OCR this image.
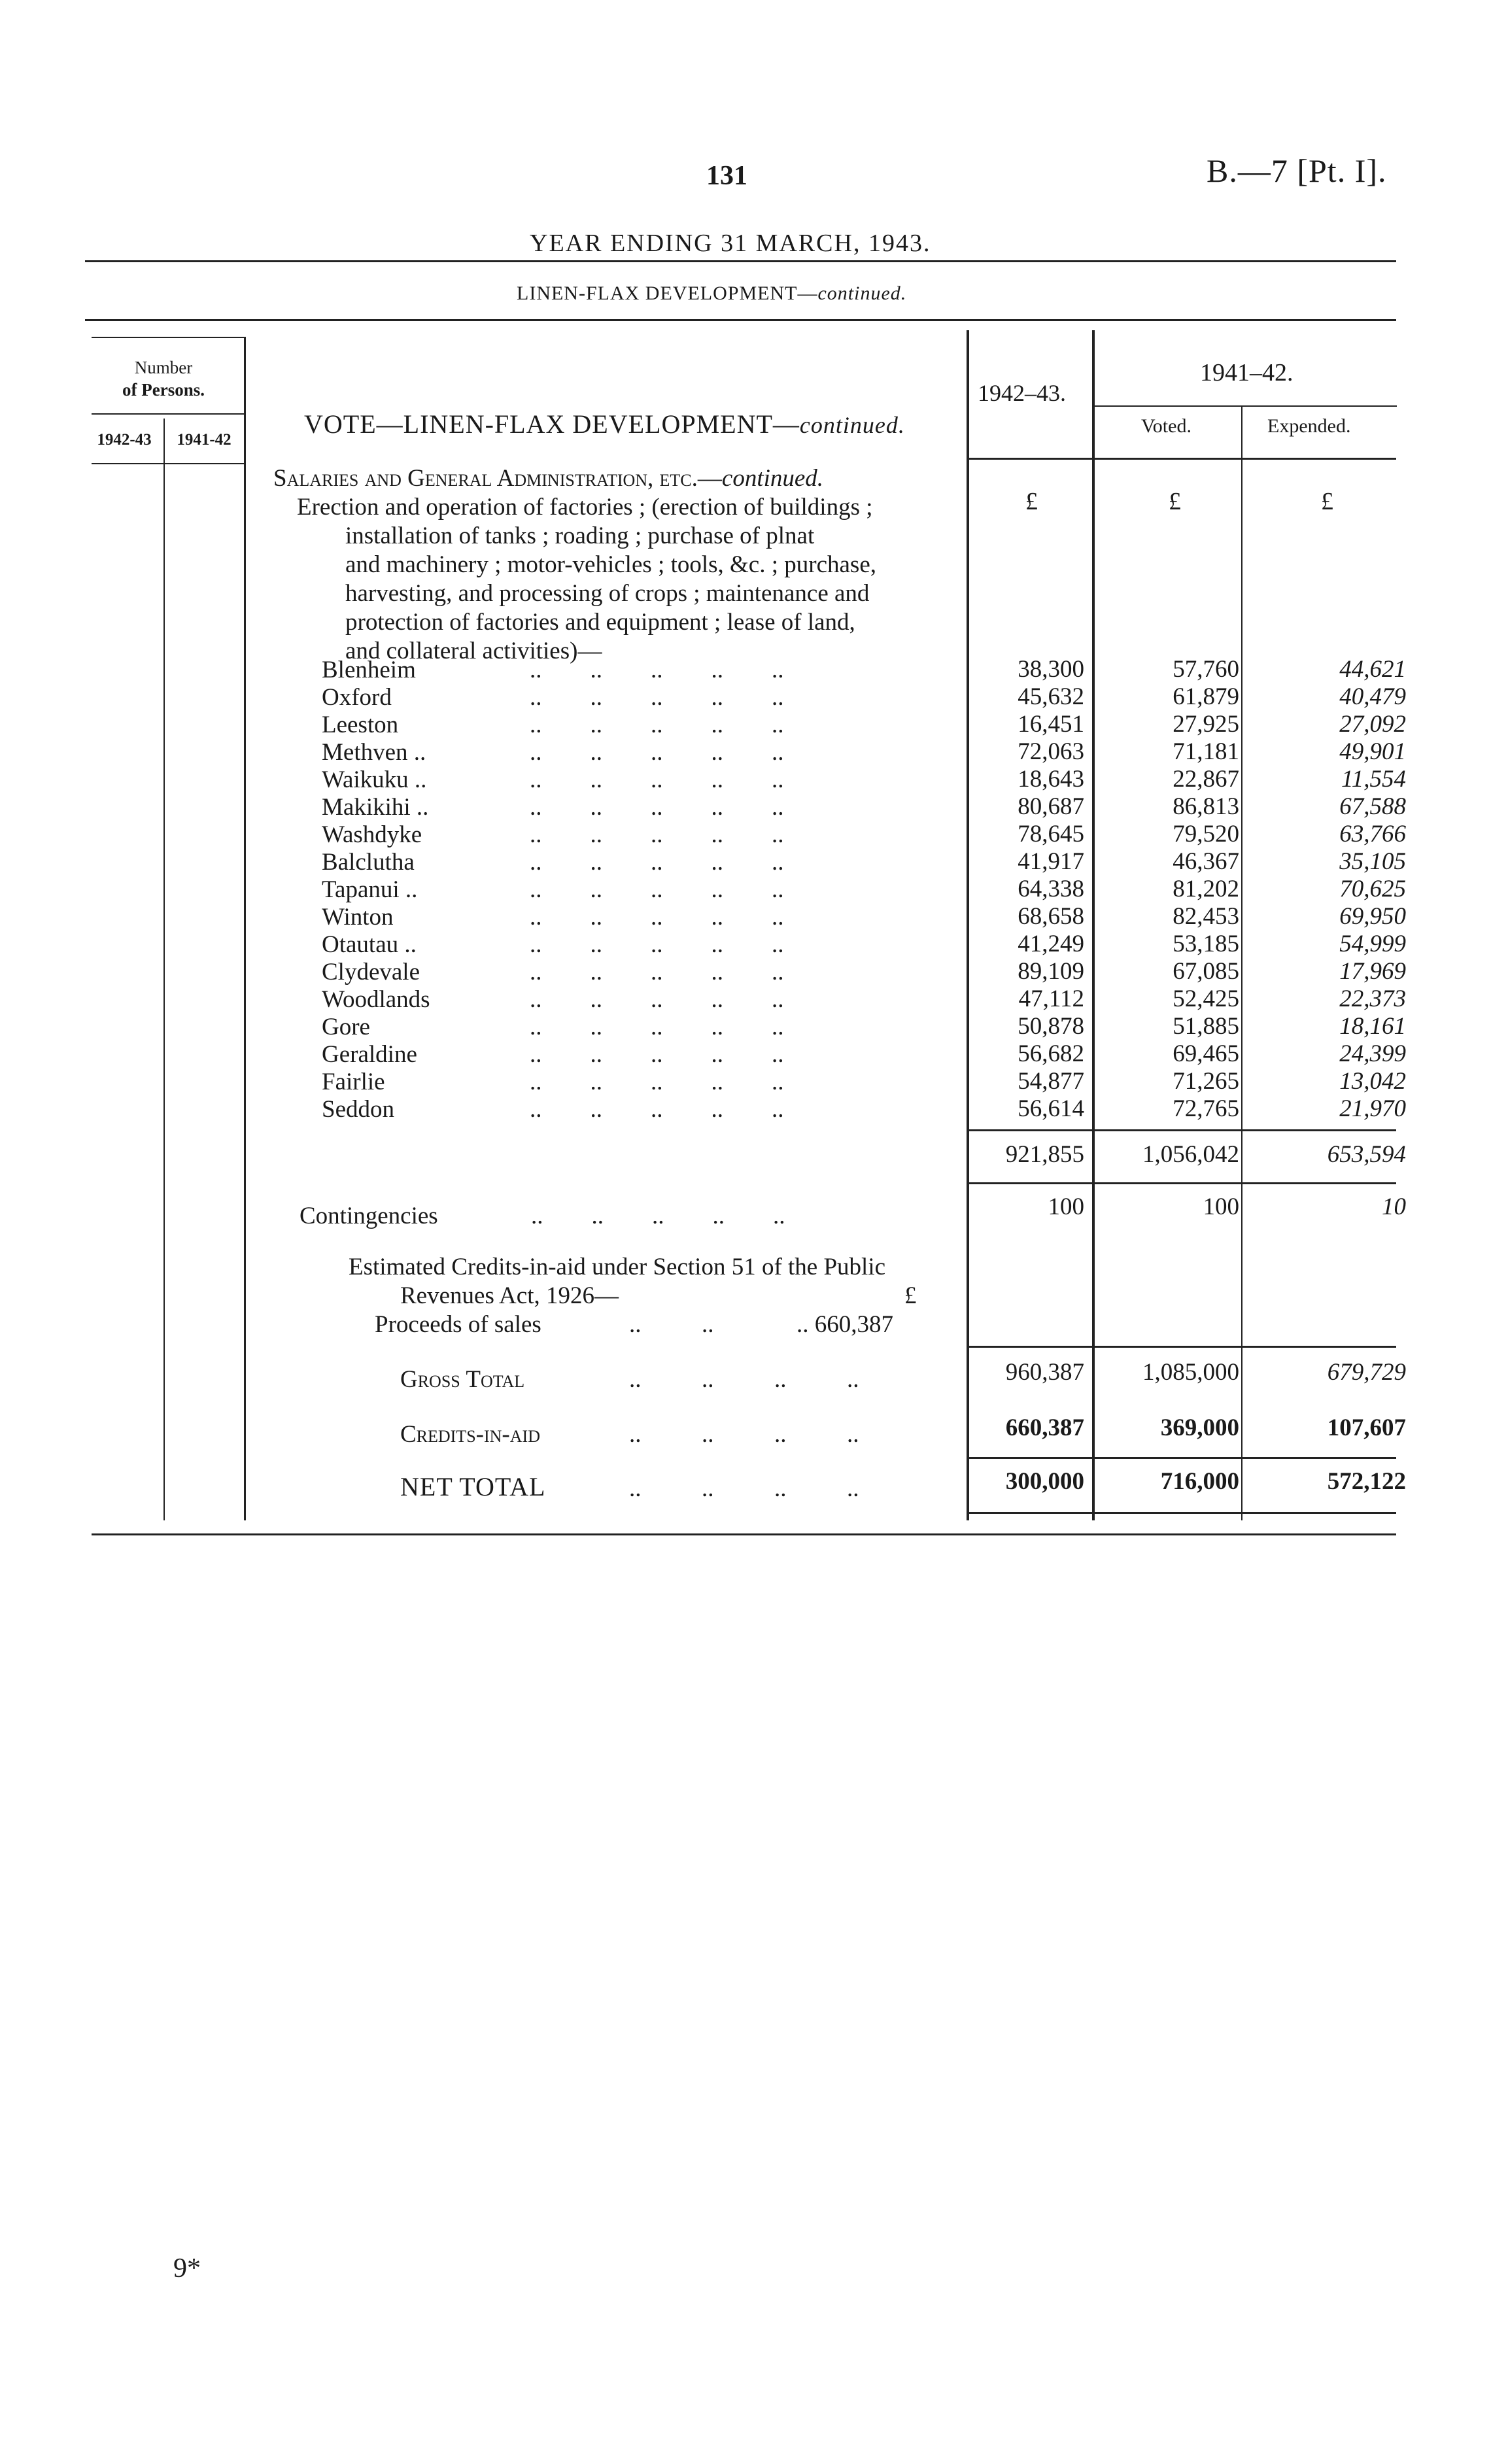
131	B.—7 [Pt. I].
YEAR ENDING 31 MARCH, 1943.
LINEN-FLAX DEVELOPMENT—continued.
Number
of Persons.
1942-43	1941-42
VOTE—LINEN-FLAX DEVELOPMENT—continued.
1942–43.
1941–42.
Voted.	Expended.
Salaries and General Administration, etc.—continued.
Erection and operation of factories ; (erection of buildings ;
installation of tanks ; roading ; purchase of plnat
and machinery ; motor-vehicles ; tools, &c. ; purchase,
harvesting, and processing of crops ; maintenance and
protection of factories and equipment ; lease of land,
and collateral activities)—
£	£	£
Blenheim	..        ..        ..        ..        ..	38,300	57,760	44,621
Oxford	..        ..        ..        ..        ..	45,632	61,879	40,479
Leeston	..        ..        ..        ..        ..	16,451	27,925	27,092
Methven ..	..        ..        ..        ..        ..	72,063	71,181	49,901
Waikuku ..	..        ..        ..        ..        ..	18,643	22,867	11,554
Makikihi ..	..        ..        ..        ..        ..	80,687	86,813	67,588
Washdyke	..        ..        ..        ..        ..	78,645	79,520	63,766
Balclutha	..        ..        ..        ..        ..	41,917	46,367	35,105
Tapanui ..	..        ..        ..        ..        ..	64,338	81,202	70,625
Winton	..        ..        ..        ..        ..	68,658	82,453	69,950
Otautau ..	..        ..        ..        ..        ..	41,249	53,185	54,999
Clydevale	..        ..        ..        ..        ..	89,109	67,085	17,969
Woodlands	..        ..        ..        ..        ..	47,112	52,425	22,373
Gore	..        ..        ..        ..        ..	50,878	51,885	18,161
Geraldine	..        ..        ..        ..        ..	56,682	69,465	24,399
Fairlie	..        ..        ..        ..        ..	54,877	71,265	13,042
Seddon	..        ..        ..        ..        ..	56,614	72,765	21,970
921,855	1,056,042	653,594
Contingencies	..        ..        ..        ..        ..	100	100	10
Estimated Credits-in-aid under Section 51 of the Public
Revenues Act, 1926—	£
Proceeds of sales	..          ..	.. 660,387
Gross Total	..          ..          ..          ..	960,387	1,085,000	679,729
Credits-in-aid	..          ..          ..          ..	660,387	369,000	107,607
NET TOTAL	..          ..          ..          ..	300,000	716,000	572,122
9*
